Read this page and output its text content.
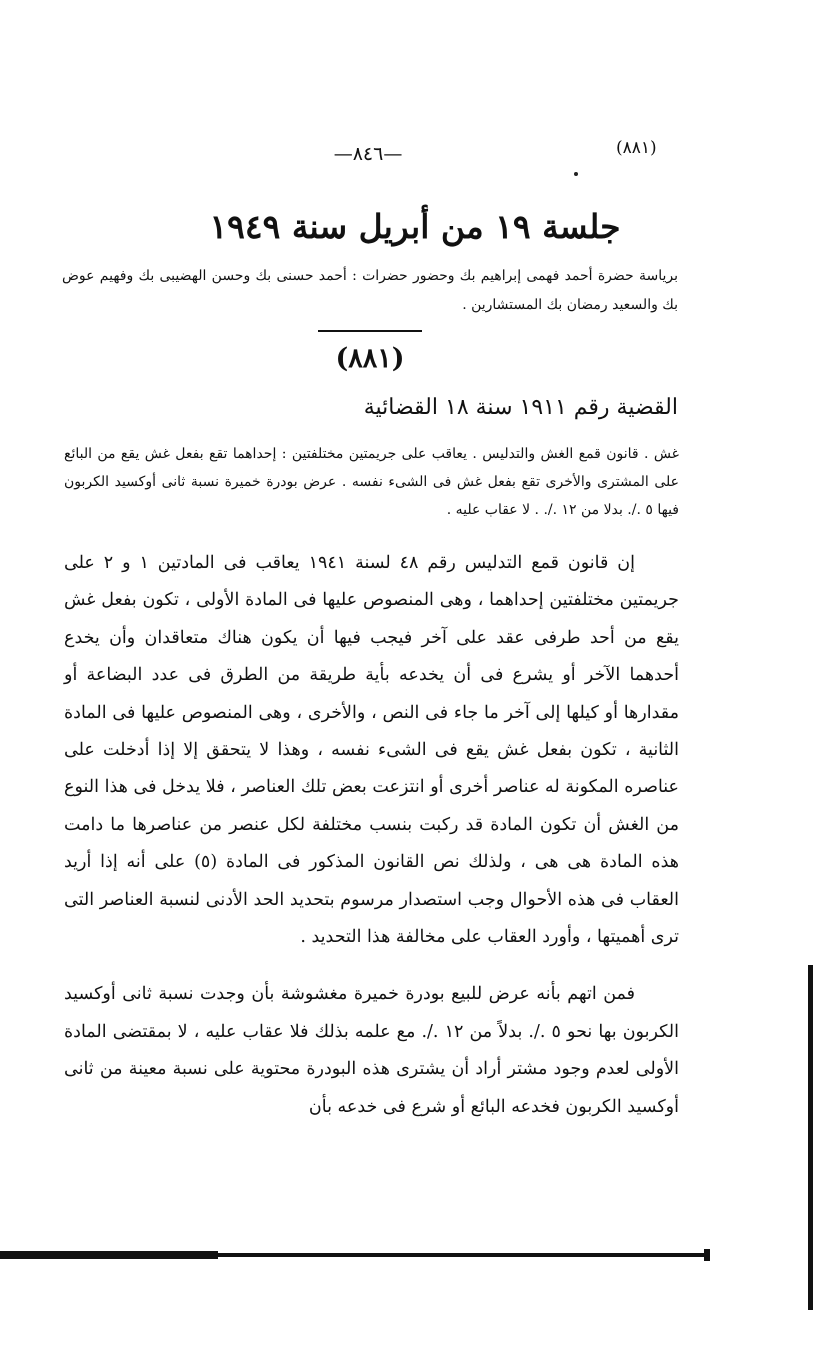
—٨٤٦—	(٨٨١)
جلسة ١٩ من أبريل سنة ١٩٤٩
برياسة حضرة أحمد فهمى إبراهيم بك وحضور حضرات : أحمد حسنى بك وحسن الهضيبى بك وفهيم عوض بك والسعيد رمضان بك المستشارين .
(٨٨١)
القضية رقم ١٩١١ سنة ١٨ القضائية
غش . قانون قمع الغش والتدليس . يعاقب على جريمتين مختلفتين : إحداهما تقع بفعل غش يقع من البائع على المشترى والأخرى تقع بفعل غش فى الشىء نفسه . عرض بودرة خميرة نسبة ثانى أوكسيد الكربون فيها ٥ ./. بدلا من ١٢ ./. . لا عقاب عليه .

إن قانون قمع التدليس رقم ٤٨ لسنة ١٩٤١ يعاقب فى المادتين ١ و ٢ على جريمتين مختلفتين إحداهما ، وهى المنصوص عليها فى المادة الأولى ، تكون بفعل غش يقع من أحد طرفى عقد على آخر فيجب فيها أن يكون هناك متعاقدان وأن يخدع أحدهما الآخر أو يشرع فى أن يخدعه بأية طريقة من الطرق فى عدد البضاعة أو مقدارها أو كيلها إلى آخر ما جاء فى النص ، والأخرى ، وهى المنصوص عليها فى المادة الثانية ، تكون بفعل غش يقع فى الشىء نفسه ، وهذا لا يتحقق إلا إذا أدخلت على عناصره المكونة له عناصر أخرى أو انتزعت بعض تلك العناصر ، فلا يدخل فى هذا النوع من الغش أن تكون المادة قد ركبت بنسب مختلفة لكل عنصر من عناصرها ما دامت هذه المادة هى هى ، ولذلك نص القانون المذكور فى المادة (٥) على أنه إذا أريد العقاب فى هذه الأحوال وجب استصدار مرسوم بتحديد الحد الأدنى لنسبة العناصر التى ترى أهميتها ، وأورد العقاب على مخالفة هذا التحديد .

فمن اتهم بأنه عرض للبيع بودرة خميرة مغشوشة بأن وجدت نسبة ثانى أوكسيد الكربون بها نحو ٥ ./. بدلاً من ١٢ ./. مع علمه بذلك فلا عقاب عليه ، لا بمقتضى المادة الأولى لعدم وجود مشتر أراد أن يشترى هذه البودرة محتوية على نسبة معينة من ثانى أوكسيد الكربون فخدعه البائع أو شرع فى خدعه بأن
